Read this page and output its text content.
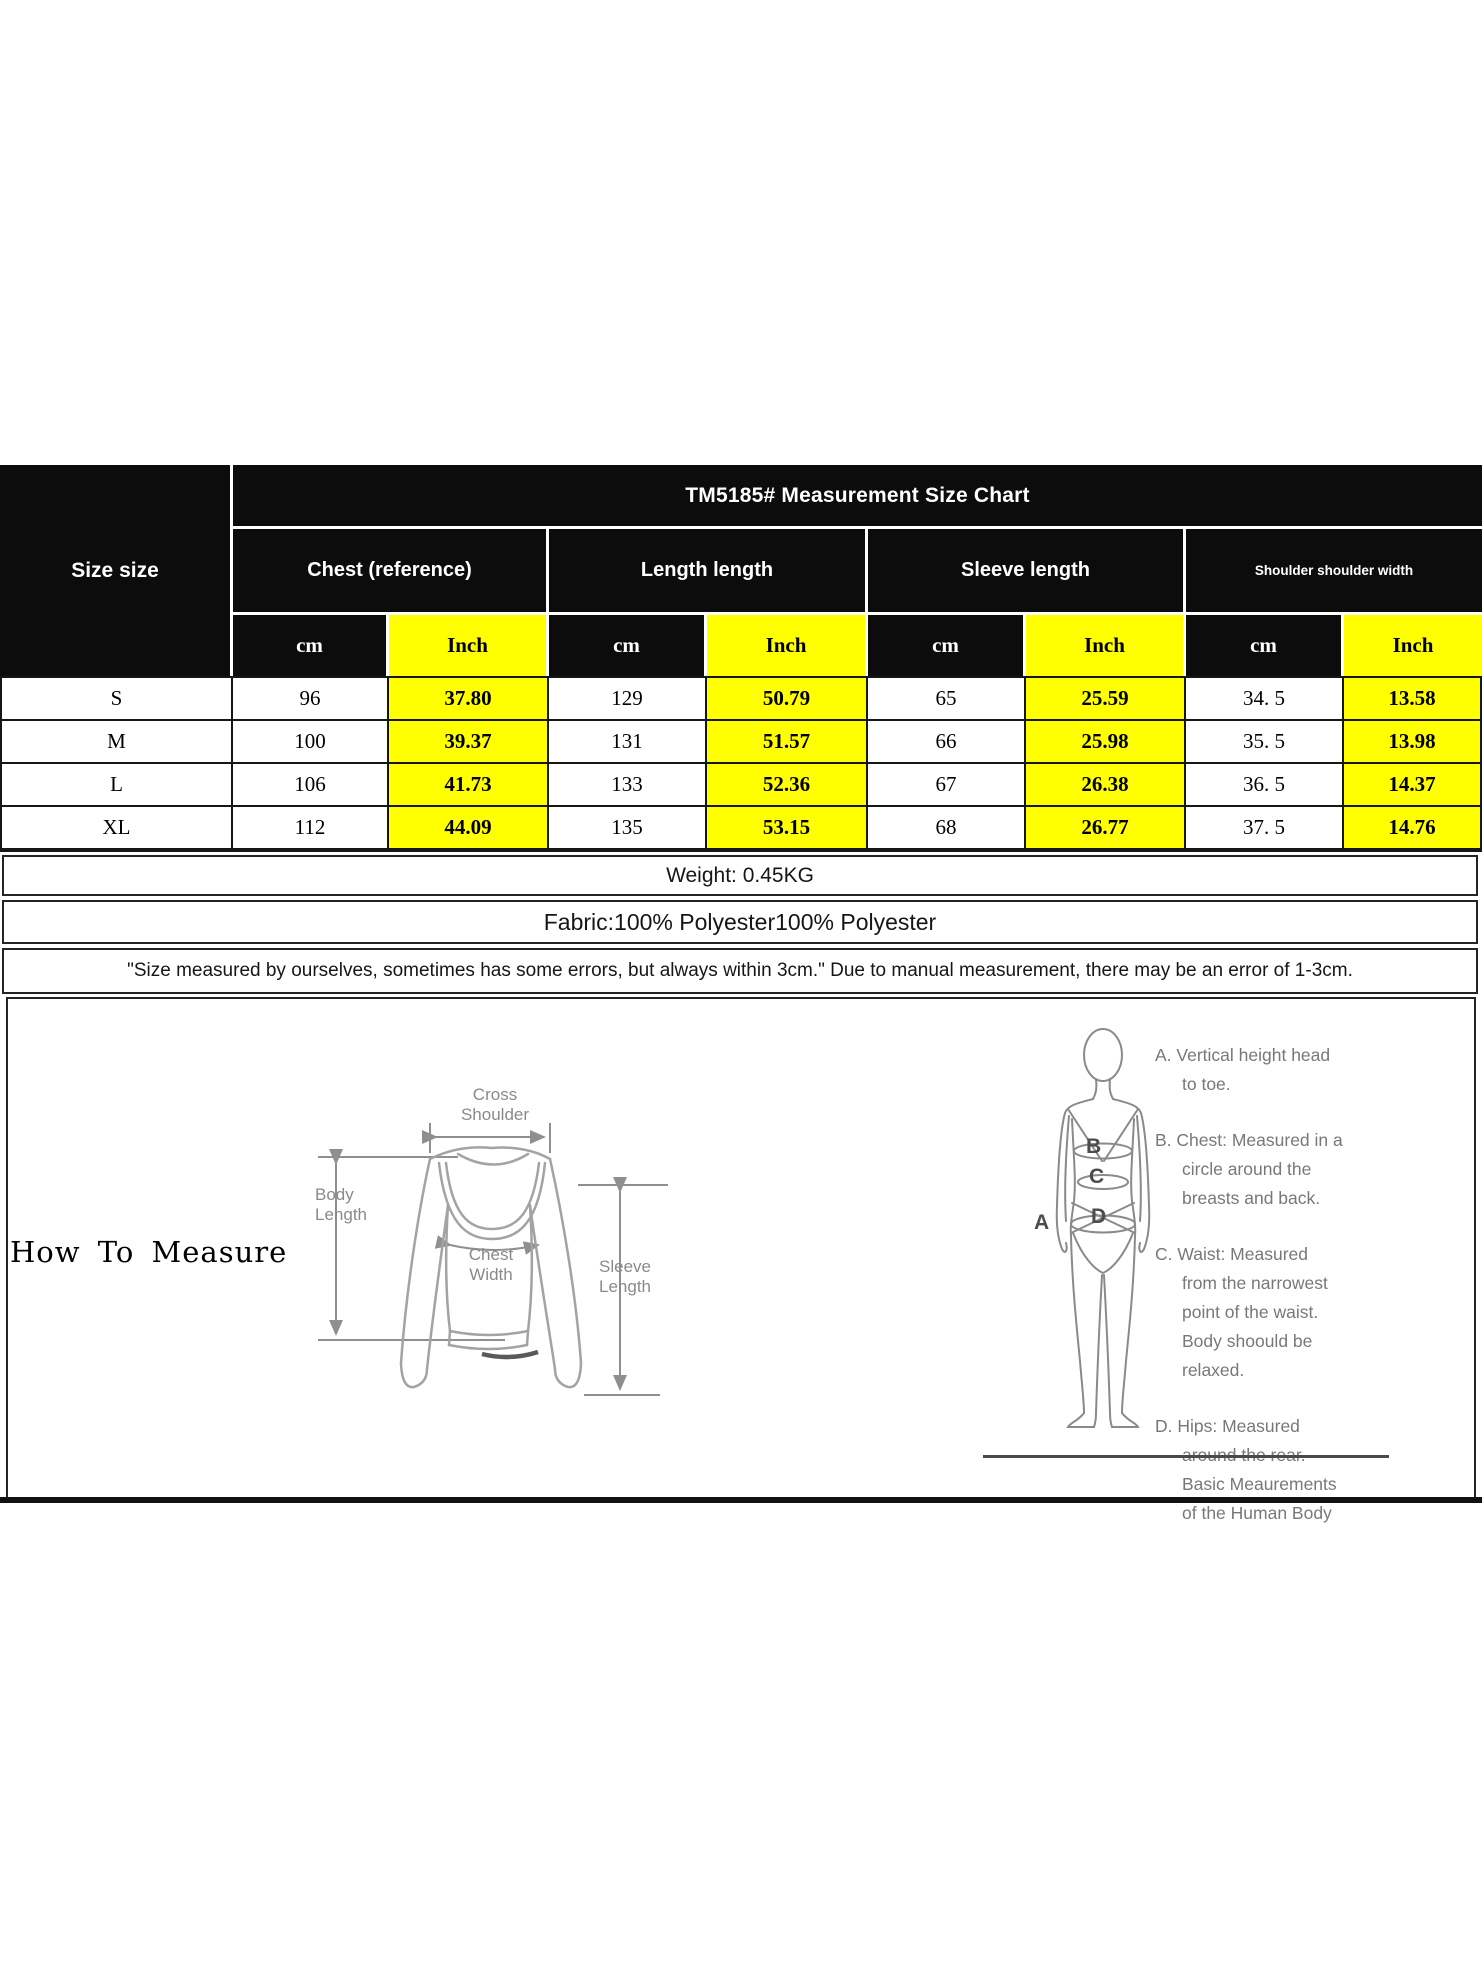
Size size
TM5185# Measurement Size Chart
Chest (reference)	Length length	Sleeve length	Shoulder shoulder width
cm	Inch	cm	Inch	cm	Inch	cm	Inch
S	96	37.80	129	50.79	65	25.59	34. 5	13.58
M	100	39.37	131	51.57	66	25.98	35. 5	13.98
L	106	41.73	133	52.36	67	26.38	36. 5	14.37
XL	112	44.09	135	53.15	68	26.77	37. 5	14.76
Weight: 0.45KG
Fabric:100% Polyester100% Polyester
"Size measured by ourselves, sometimes has some errors, but always within 3cm." Due to manual measurement, there may be an error of 1-3cm.
How To Measure
Cross Shoulder
Body Length
Chest Width	Sleeve Length
A
B
C
D
A. Vertical height head
to toe.
B. Chest: Measured in a
circle around the
breasts and back.
C. Waist: Measured
from the narrowest
point of the waist.
Body shoould be
relaxed.
D. Hips: Measured
Basic Meaurements
of the Human Body
